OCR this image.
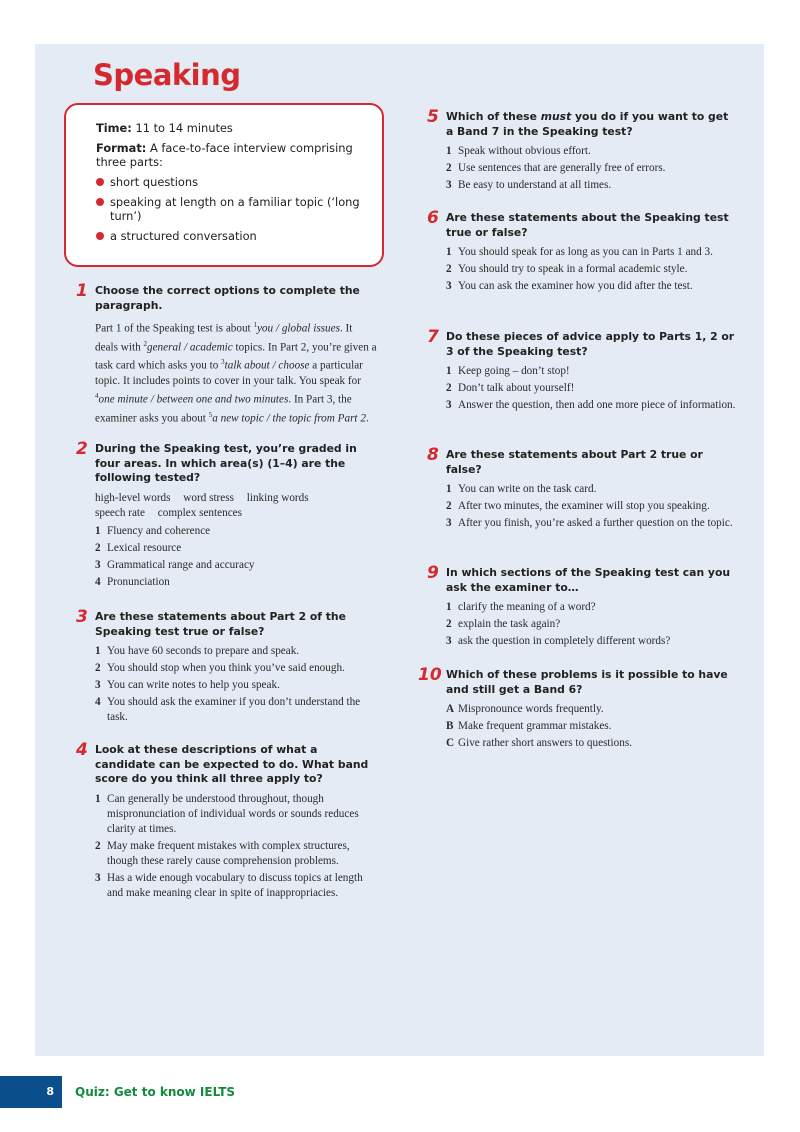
Speaking
Time: 11 to 14 minutes
Format: A face-to-face interview comprising three parts:
short questions
speaking at length on a familiar topic (‘long turn’)
a structured conversation
1 Choose the correct options to complete the paragraph.

Part 1 of the Speaking test is about $^1$you / global issues. It deals with $^2$general / academic topics. In Part 2, you’re given a task card which asks you to $^3$talk about / choose a particular topic. It includes points to cover in your talk. You speak for $^4$one minute / between one and two minutes. In Part 3, the examiner asks you about $^5$a new topic / the topic from Part 2.

2 During the Speaking test, you’re graded in four areas. In which area(s) (1–4) are the following tested?

high-level words word stress linking words
speech rate complex sentences

1 Fluency and coherence
2 Lexical resource
3 Grammatical range and accuracy
4 Pronunciation
3 Are these statements about Part 2 of the Speaking test true or false?

1 You have 60 seconds to prepare and speak.
2 You should stop when you think you’ve said enough.
3 You can write notes to help you speak.
4 You should ask the examiner if you don’t understand the task.
4 Look at these descriptions of what a candidate can be expected to do. What band score do you think all three apply to?

1 Can generally be understood throughout, though mispronunciation of individual words or sounds reduces clarity at times.
2 May make frequent mistakes with complex structures, though these rarely cause comprehension problems.
3 Has a wide enough vocabulary to discuss topics at length and make meaning clear in spite of inappropriacies.
5 Which of these must you do if you want to get a Band 7 in the Speaking test?

1 Speak without obvious effort.
2 Use sentences that are generally free of errors.
3 Be easy to understand at all times.
6 Are these statements about the Speaking test true or false?

1 You should speak for as long as you can in Parts 1 and 3.
2 You should try to speak in a formal academic style.
3 You can ask the examiner how you did after the test.
7 Do these pieces of advice apply to Parts 1, 2 or 3 of the Speaking test?

1 Keep going – don’t stop!
2 Don’t talk about yourself!
3 Answer the question, then add one more piece of information.
8 Are these statements about Part 2 true or false?

1 You can write on the task card.
2 After two minutes, the examiner will stop you speaking.
3 After you finish, you’re asked a further question on the topic.
9 In which sections of the Speaking test can you ask the examiner to…

1 clarify the meaning of a word?
2 explain the task again?
3 ask the question in completely different words?
10 Which of these problems is it possible to have and still get a Band 6?

A Mispronounce words frequently.
B Make frequent grammar mistakes.
C Give rather short answers to questions.
8	Quiz: Get to know IELTS
